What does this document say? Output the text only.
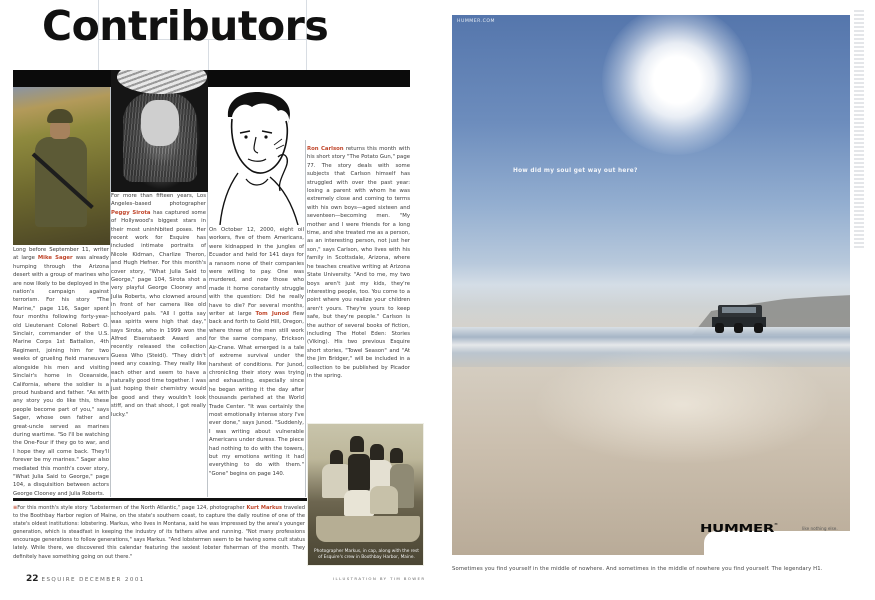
Contributors

Long before September 11, writer at large Mike Sager was already humping through the Arizona desert with a group of marines who are now likely to be deployed in the nation's campaign against terrorism. For his story "The Marine," page 116, Sager spent four months following forty-year-old Lieutenant Colonel Robert O. Sinclair, commander of the U.S. Marine Corps 1st Battalion, 4th Regiment, joining him for two weeks of grueling field maneuvers alongside his men and visiting Sinclair's home in Oceanside, California, where the soldier is a proud husband and father. "As with any story you do like this, these people become part of you," says Sager, whose own father and great-uncle served as marines during wartime. "So I'll be watching the One-Four if they go to war, and I hope they all come back. They'll forever be my marines." Sager also mediated this month's cover story, "What Julia Said to George," page 104, a disquisition between actors George Clooney and Julia Roberts.

For more than fifteen years, Los Angeles–based photographer Peggy Sirota has captured some of Hollywood's biggest stars in their most uninhibited poses. Her recent work for Esquire has included intimate portraits of Nicole Kidman, Charlize Theron, and Hugh Hefner. For this month's cover story, "What Julia Said to George," page 104, Sirota shot a very playful George Clooney and Julia Roberts, who clowned around in front of her camera like old schoolyard pals. "All I gotta say was spirits were high that day," says Sirota, who in 1999 won the Alfred Eisenstaedt Award and recently released the collection Guess Who (Steidl). "They didn't need any coaxing. They really like each other and seem to have a naturally good time together. I was just hoping their chemistry would be good and they wouldn't look stiff, and on that shoot, I got really lucky."

On October 12, 2000, eight oil workers, five of them Americans, were kidnapped in the jungles of Ecuador and held for 141 days for a ransom none of their companies were willing to pay. One was murdered, and now those who made it home constantly struggle with the question: Did he really have to die? For several months, writer at large Tom Junod flew back and forth to Gold Hill, Oregon, where three of the men still work for the same company, Erickson Air-Crane. What emerged is a tale of extreme survival under the harshest of conditions. For Junod, chronicling their story was trying and exhausting, especially since he began writing it the day after thousands perished at the World Trade Center. "It was certainly the most emotionally intense story I've ever done," says Junod. "Suddenly, I was writing about vulnerable Americans under duress. The piece had nothing to do with the towers, but my emotions writing it had everything to do with them." "Gone" begins on page 140.

Ron Carlson returns this month with his short story "The Potato Gun," page 77. The story deals with some subjects that Carlson himself has struggled with over the past year: losing a parent with whom he was extremely close and coming to terms with his own boys—aged sixteen and seventeen—becoming men. "My mother and I were friends for a long time, and she treated me as a person, as an interesting person, not just her son," says Carlson, who lives with his family in Scottsdale, Arizona, where he teaches creative writing at Arizona State University. "And to me, my two boys aren't just my kids, they're interesting people, too. You come to a point where you realize your children aren't yours. They're yours to keep safe, but they're people." Carlson is the author of several books of fiction, including The Hotel Eden: Stories (Viking). His two previous Esquire short stories, "Towel Season" and "At the Jim Bridger," will be included in a collection to be published by Picador in the spring.

≡For this month's style story "Lobstermen of the North Atlantic," page 124, photographer Kurt Markus traveled to the Boothbay Harbor region of Maine, on the state's southern coast, to capture the daily routine of one of the state's oldest institutions: lobstering. Markus, who lives in Montana, said he was impressed by the area's younger generation, which is steadfast in keeping the industry of its fathers alive and running. "Not many professions encourage generations to follow generations," says Markus. "And lobstermen seem to be having some cult status lately. While there, we discovered this calendar featuring the sexiest lobster fisherman of the month. They definitely have something going on out there."
Photographer Markus, in cap, along with the rest of Esquire's crew in Boothbay Harbor, Maine.
22 ESQUIRE DECEMBER 2001	ILLUSTRATION BY TIM BOWER
HUMMER.COM
How did my soul get way out here?
HUMMER®
like nothing else.
Sometimes you find yourself in the middle of nowhere. And sometimes in the middle of nowhere you find yourself. The legendary H1.
